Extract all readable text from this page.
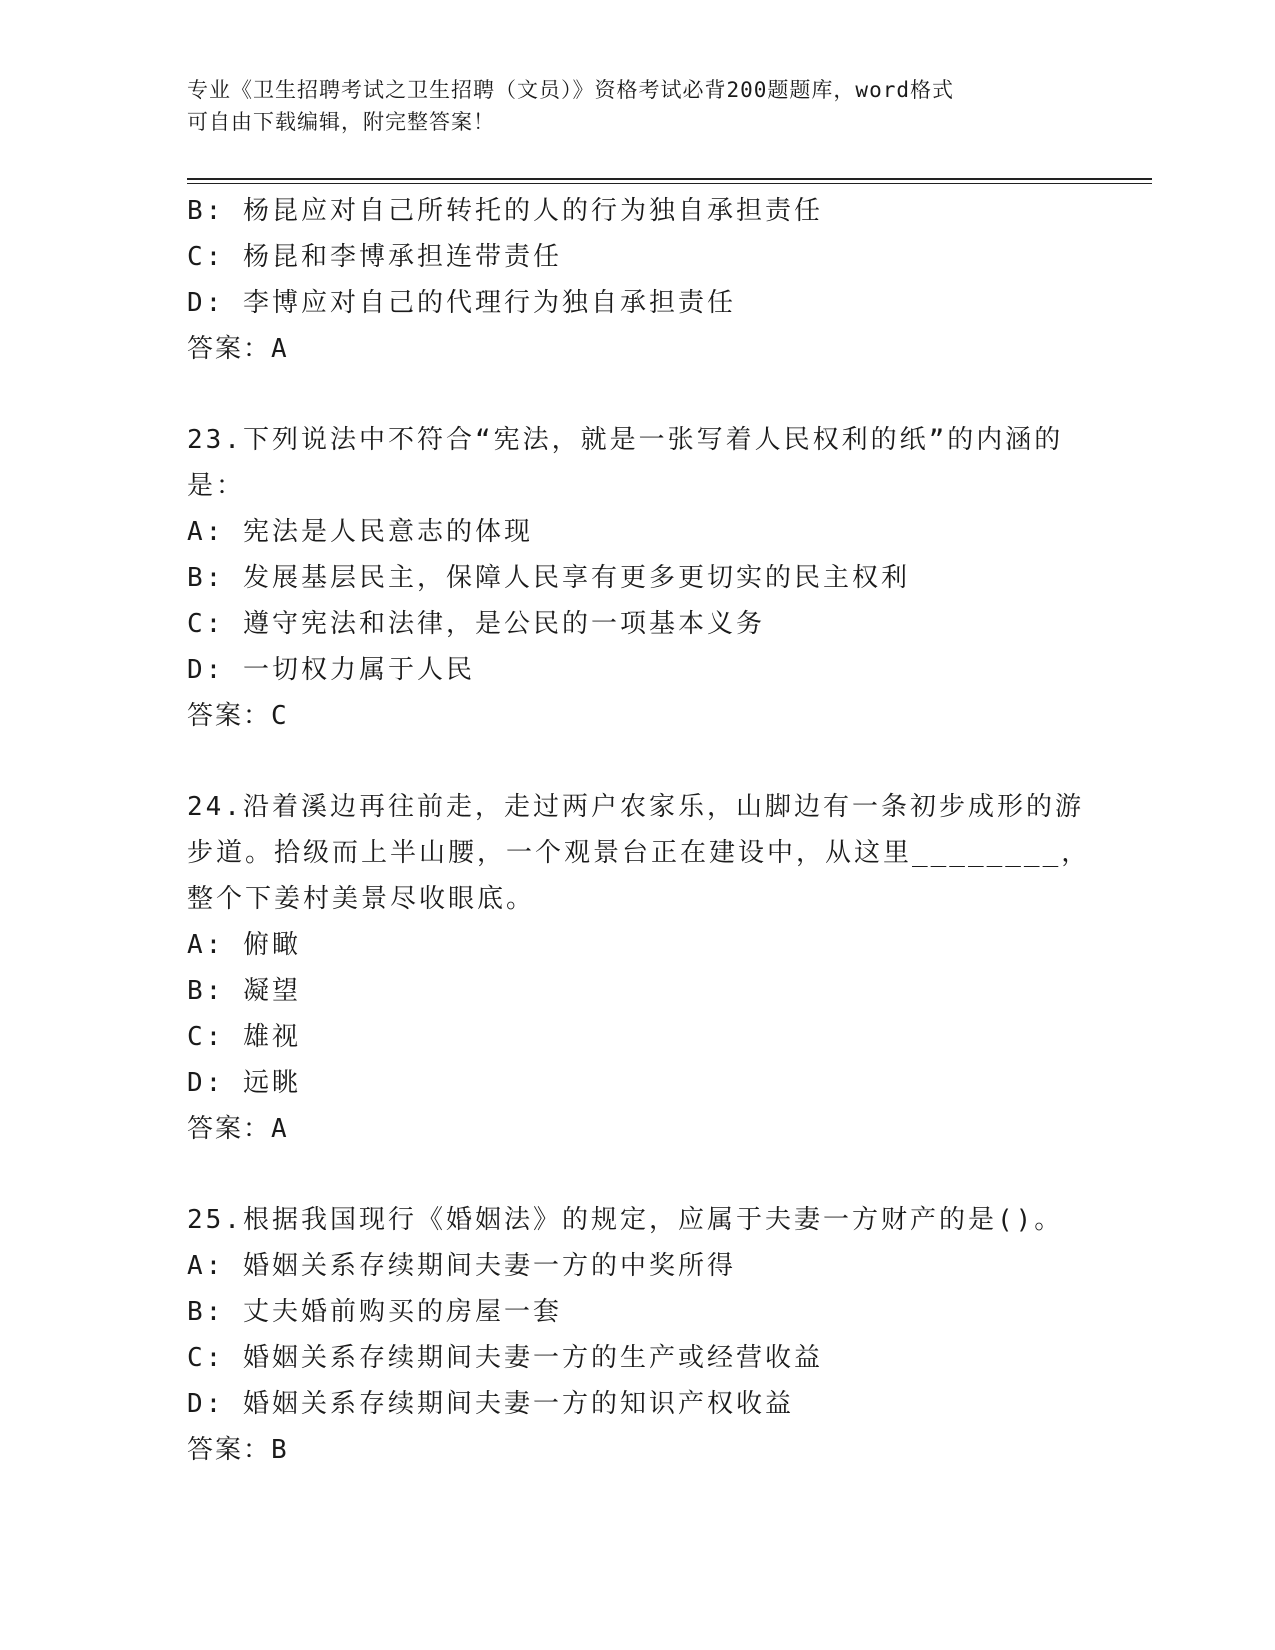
专业《卫生招聘考试之卫生招聘（文员）》资格考试必背200题题库，word格式
可自由下载编辑，附完整答案！
B: 杨昆应对自己所转托的人的行为独自承担责任
C: 杨昆和李博承担连带责任
D: 李博应对自己的代理行为独自承担责任
答案：A
23.下列说法中不符合“宪法，就是一张写着人民权利的纸”的内涵的
是：
A: 宪法是人民意志的体现
B: 发展基层民主，保障人民享有更多更切实的民主权利
C: 遵守宪法和法律，是公民的一项基本义务
D: 一切权力属于人民
答案：C
24.沿着溪边再往前走，走过两户农家乐，山脚边有一条初步成形的游
步道。拾级而上半山腰，一个观景台正在建设中，从这里________，
整个下姜村美景尽收眼底。
A: 俯瞰
B: 凝望
C: 雄视
D: 远眺
答案：A
25.根据我国现行《婚姻法》的规定，应属于夫妻一方财产的是()。
A: 婚姻关系存续期间夫妻一方的中奖所得
B: 丈夫婚前购买的房屋一套
C: 婚姻关系存续期间夫妻一方的生产或经营收益
D: 婚姻关系存续期间夫妻一方的知识产权收益
答案：B
